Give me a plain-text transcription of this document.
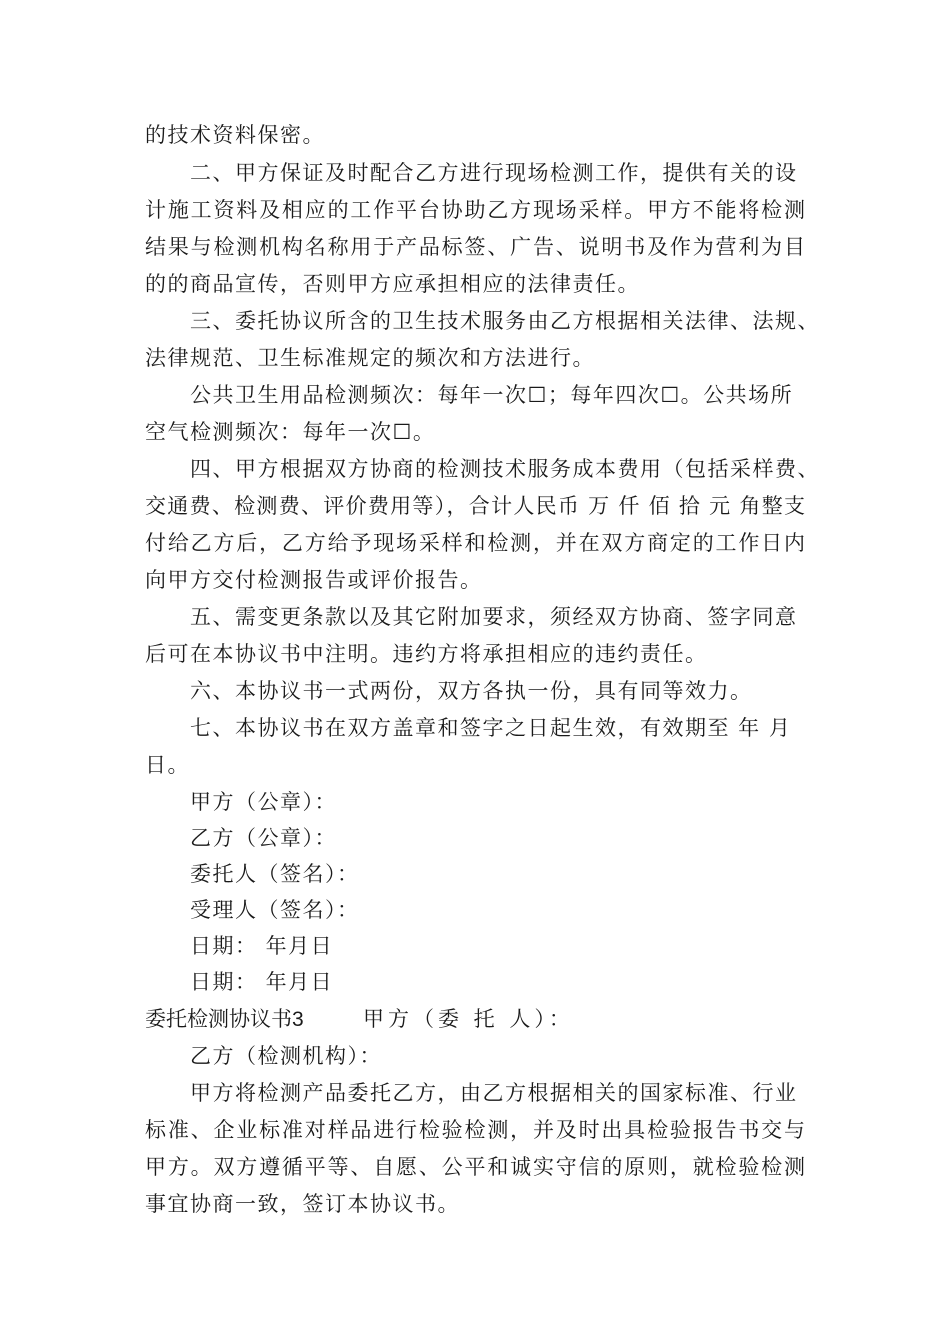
的技术资料保密。
二、甲方保证及时配合乙方进行现场检测工作，提供有关的设
计施工资料及相应的工作平台协助乙方现场采样。甲方不能将检测
结果与检测机构名称用于产品标签、广告、说明书及作为营利为目
的的商品宣传，否则甲方应承担相应的法律责任。
三、委托协议所含的卫生技术服务由乙方根据相关法律、法规、
法律规范、卫生标准规定的频次和方法进行。
公共卫生用品检测频次：每年一次☐；每年四次☐。公共场所
空气检测频次：每年一次☐。
四、甲方根据双方协商的检测技术服务成本费用（包括采样费、
交通费、检测费、评价费用等），合计人民币 万 仟 佰 拾 元 角整支
付给乙方后，乙方给予现场采样和检测，并在双方商定的工作日内
向甲方交付检测报告或评价报告。
五、需变更条款以及其它附加要求，须经双方协商、签字同意
后可在本协议书中注明。违约方将承担相应的违约责任。
六、本协议书一式两份，双方各执一份，具有同等效力。
七、本协议书在双方盖章和签字之日起生效，有效期至 年 月
日。
甲方（公章）：
乙方（公章）：
委托人（签名）：
受理人（签名）：
日期： 年月日
日期： 年月日
委托检测协议书3	甲方（委 托 人）：
乙方（检测机构）：
甲方将检测产品委托乙方，由乙方根据相关的国家标准、行业
标准、企业标准对样品进行检验检测，并及时出具检验报告书交与
甲方。双方遵循平等、自愿、公平和诚实守信的原则，就检验检测
事宜协商一致，签订本协议书。
